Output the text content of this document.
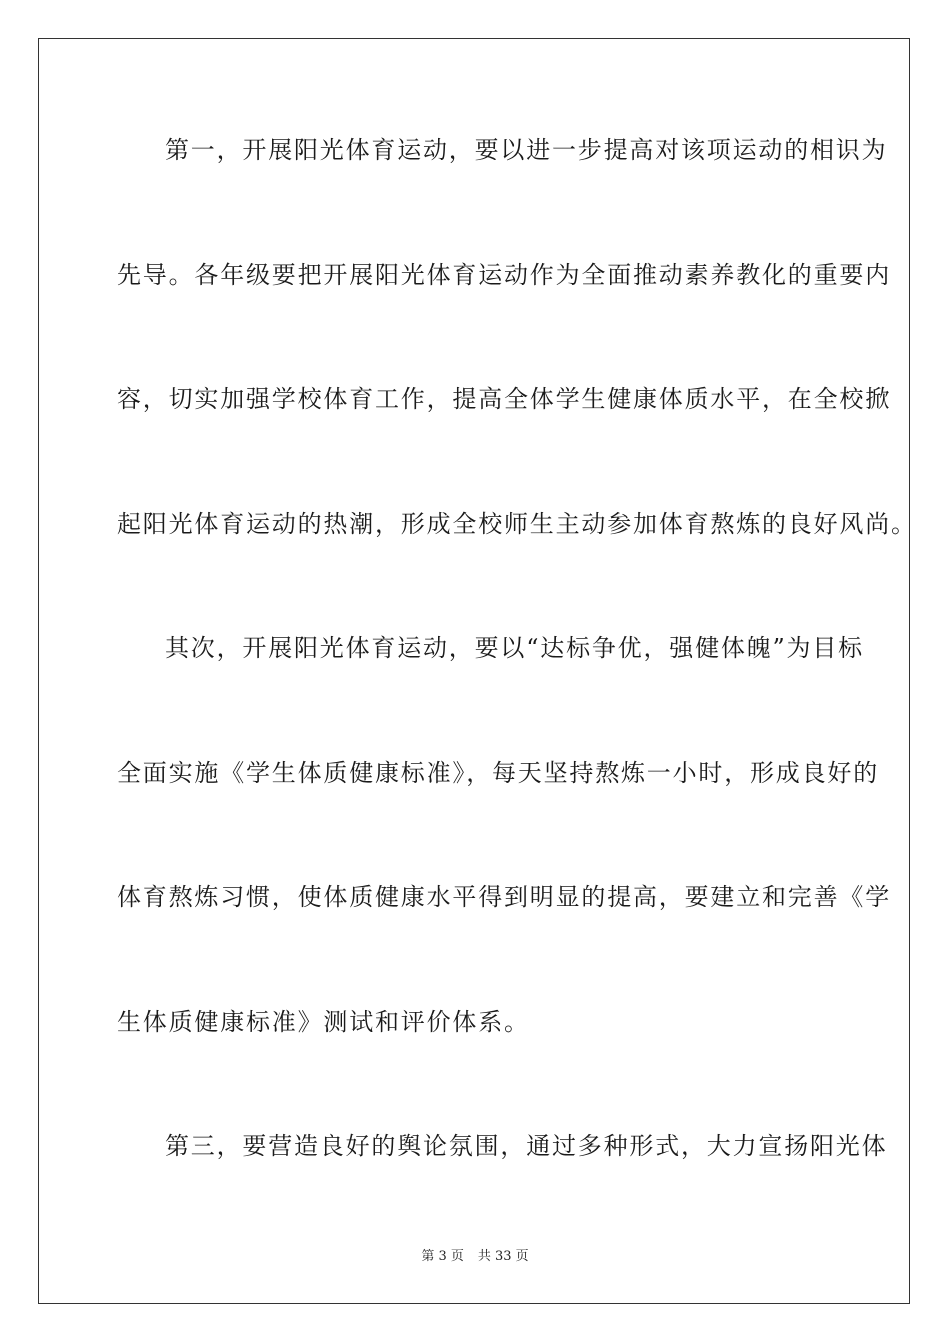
第一，开展阳光体育运动，要以进一步提高对该项运动的相识为
先导。各年级要把开展阳光体育运动作为全面推动素养教化的重要内
容，切实加强学校体育工作，提高全体学生健康体质水平，在全校掀
起阳光体育运动的热潮，形成全校师生主动参加体育熬炼的良好风尚。
其次，开展阳光体育运动，要以“达标争优，强健体魄”为目标
全面实施《学生体质健康标准》，每天坚持熬炼一小时，形成良好的
体育熬炼习惯，使体质健康水平得到明显的提高，要建立和完善《学
生体质健康标准》测试和评价体系。
第三，要营造良好的舆论氛围，通过多种形式，大力宣扬阳光体
第 3 页 共 33 页
